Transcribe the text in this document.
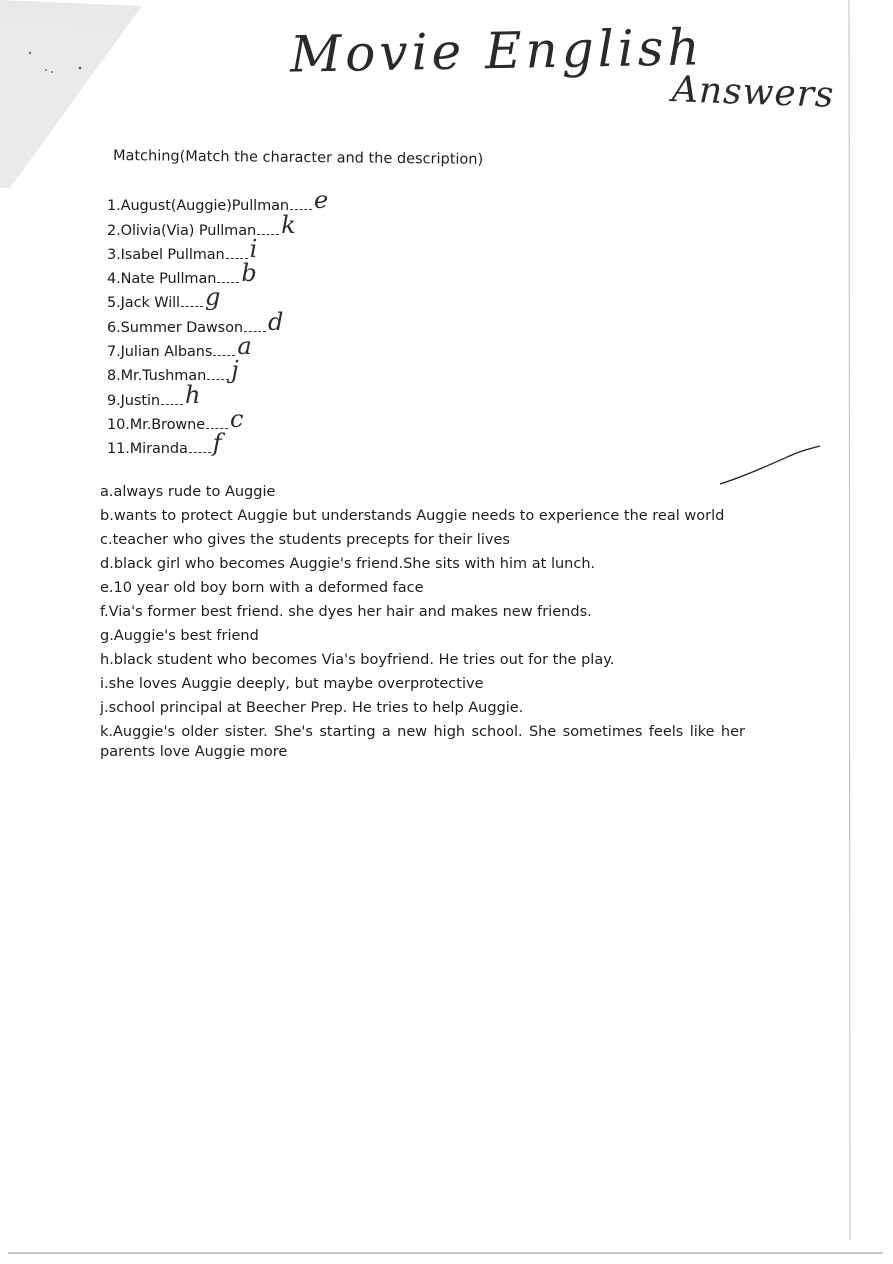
Movie English
Answers
Matching(Match the character and the description)
1.August(Auggie)Pullman e
2.Olivia(Via) Pullman k
3.Isabel Pullman i
4.Nate Pullman b
5.Jack Will g
6.Summer Dawson d
7.Julian Albans a
8.Mr.Tushman j
9.Justin h
10.Mr.Browne c
11.Miranda f
a.always rude to Auggie
b.wants to protect Auggie but understands Auggie needs to experience the real world
c.teacher who gives the students precepts for their lives
d.black girl who becomes Auggie's friend.She sits with him at lunch.
e.10 year old boy born with a deformed face
f.Via's former best friend. she dyes her hair and makes new friends.
g.Auggie's best friend
h.black student who becomes Via's boyfriend. He tries out for the play.
i.she loves Auggie deeply, but maybe overprotective
j.school principal at Beecher Prep. He tries to help Auggie.
k.Auggie's older sister. She's starting a new high school. She sometimes feels like her parents love Auggie more
